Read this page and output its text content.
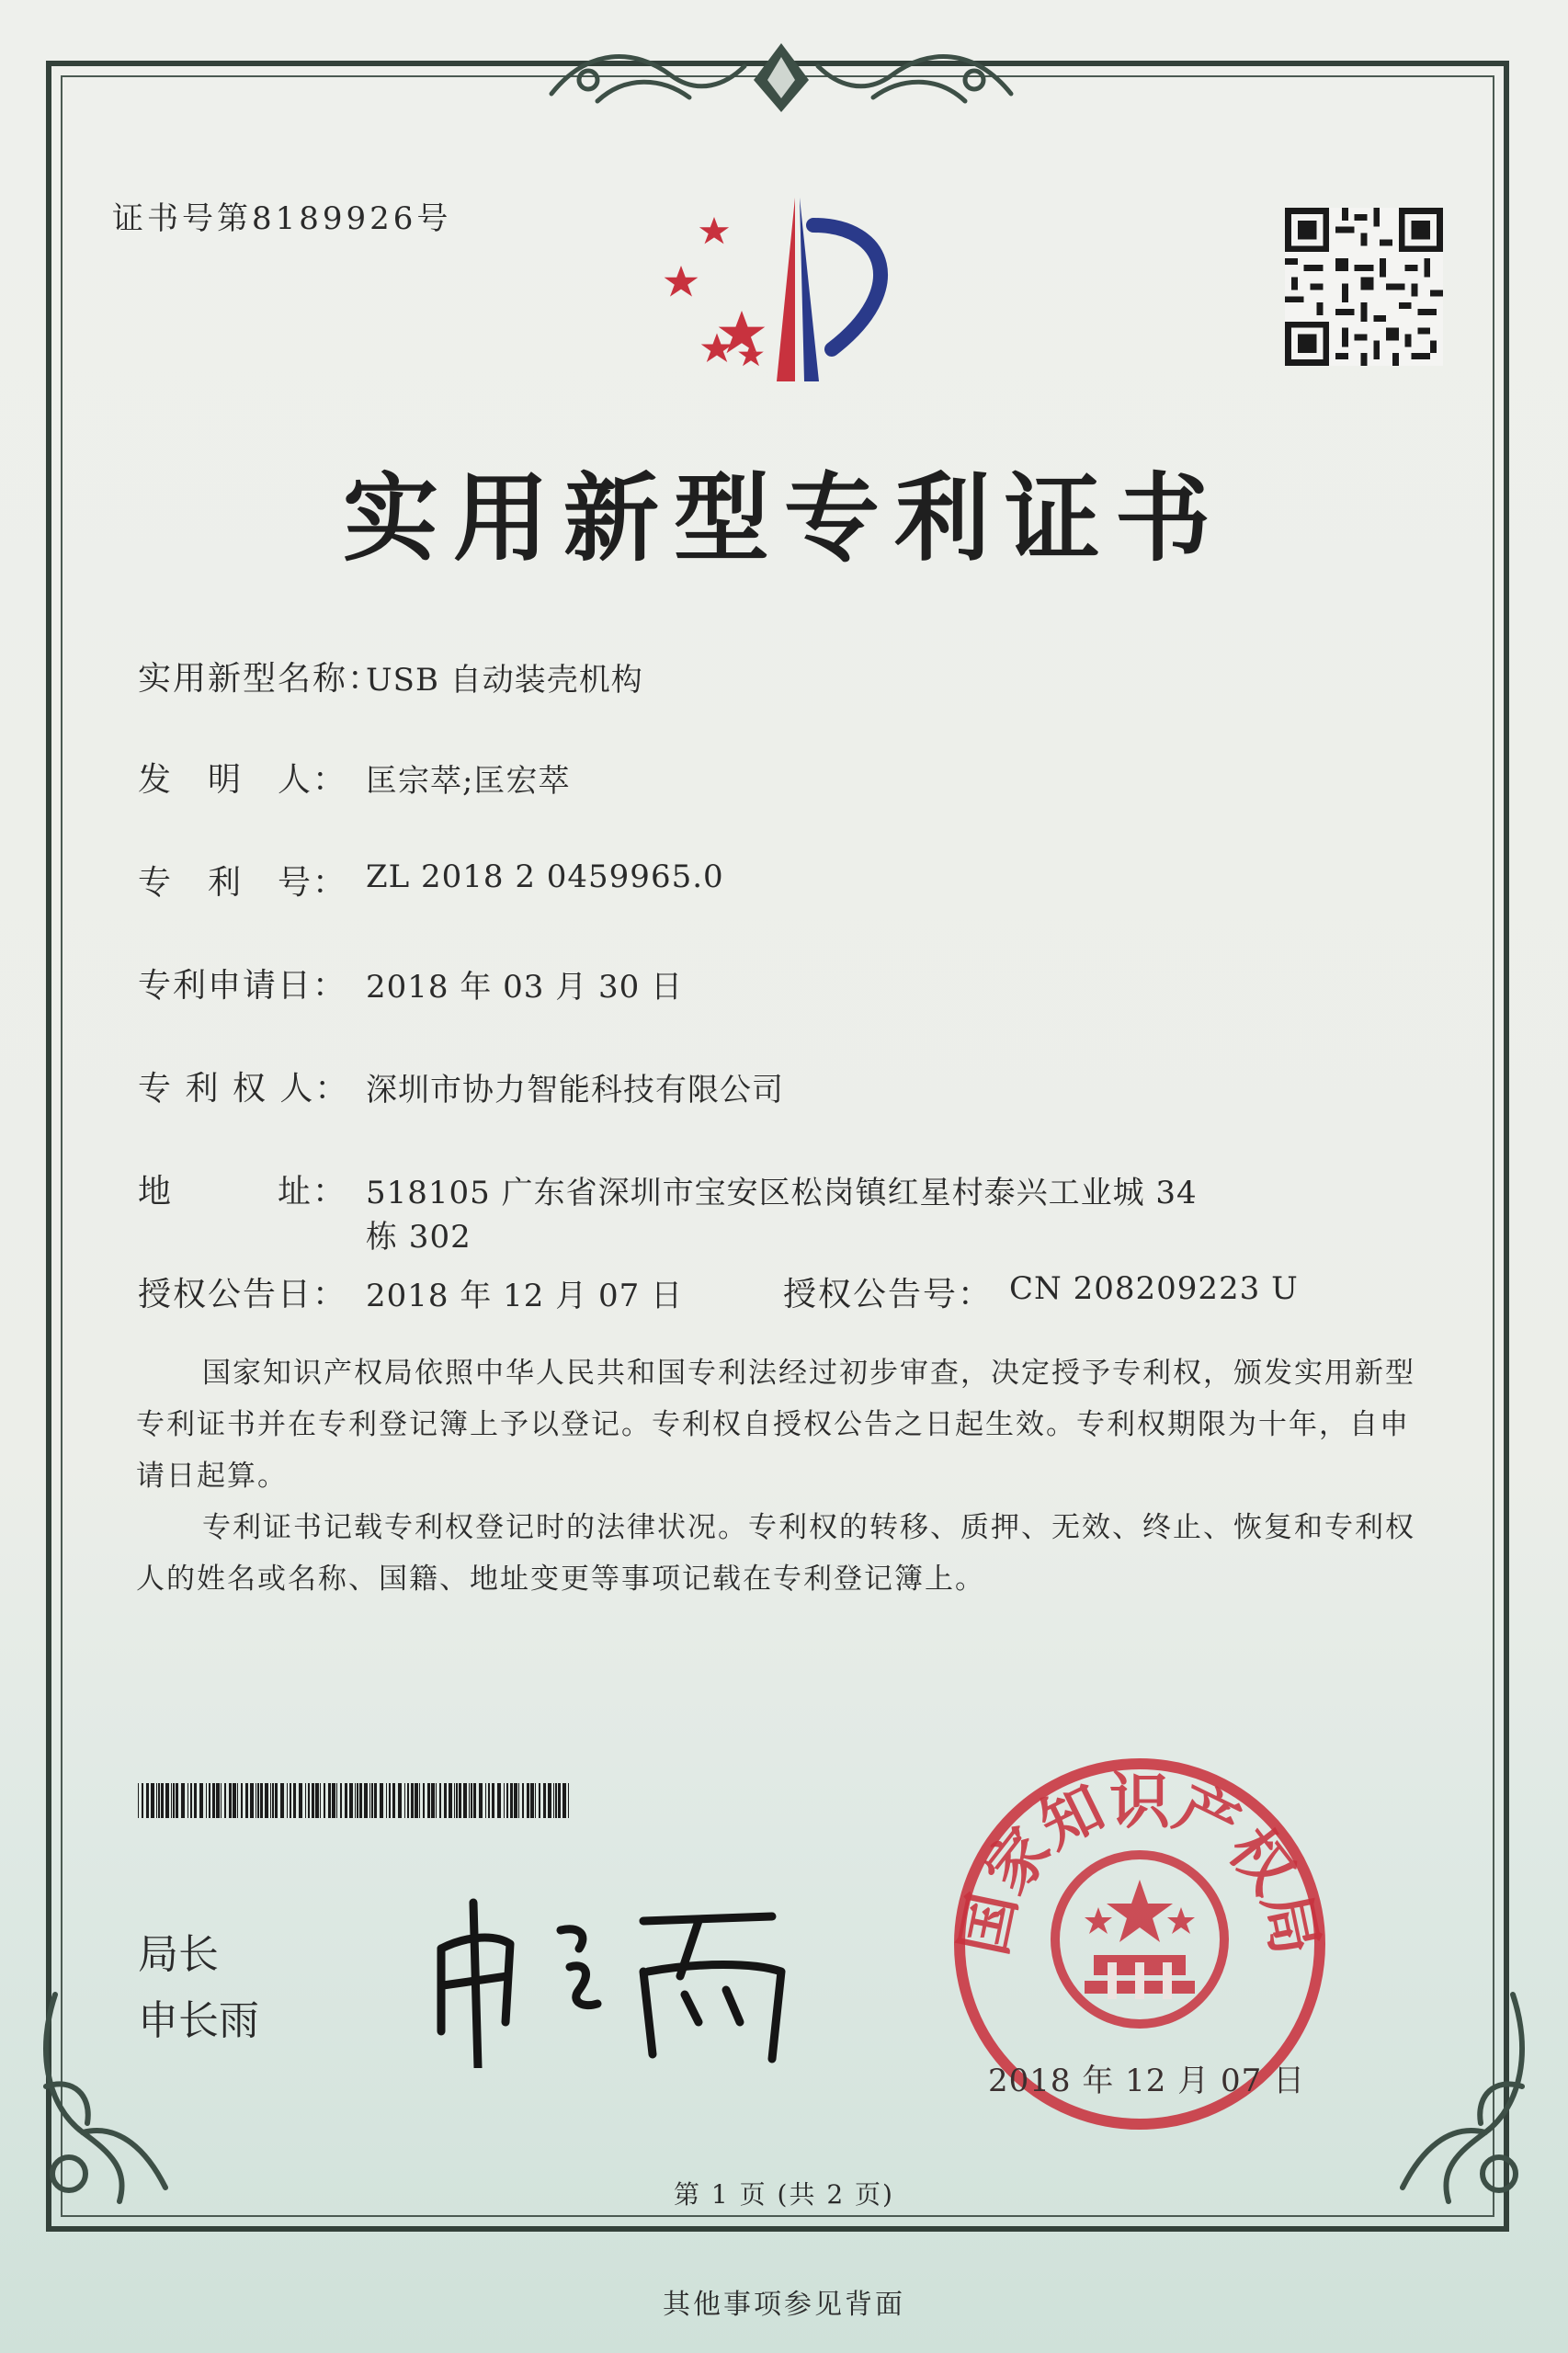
证书号第8189926号
实用新型专利证书
实用新型名称：
USB 自动装壳机构
发　明　人： 匡宗萃;匡宏萃
专　利　号： ZL 2018 2 0459965.0
专利申请日： 2018 年 03 月 30 日
专 利 权 人： 深圳市协力智能科技有限公司
地　　　址： 518105 广东省深圳市宝安区松岗镇红星村泰兴工业城 34
栋 302
授权公告日： 2018 年 12 月 07 日	授权公告号： CN 208209223 U

国家知识产权局依照中华人民共和国专利法经过初步审查，决定授予专利权，颁发实用新型专利证书并在专利登记簿上予以登记。专利权自授权公告之日起生效。专利权期限为十年，自申请日起算。

专利证书记载专利权登记时的法律状况。专利权的转移、质押、无效、终止、恢复和专利权人的姓名或名称、国籍、地址变更等事项记载在专利登记簿上。

局长
申长雨
国家知识产权局
2018 年 12 月 07 日
第 1 页 (共 2 页)
其他事项参见背面
